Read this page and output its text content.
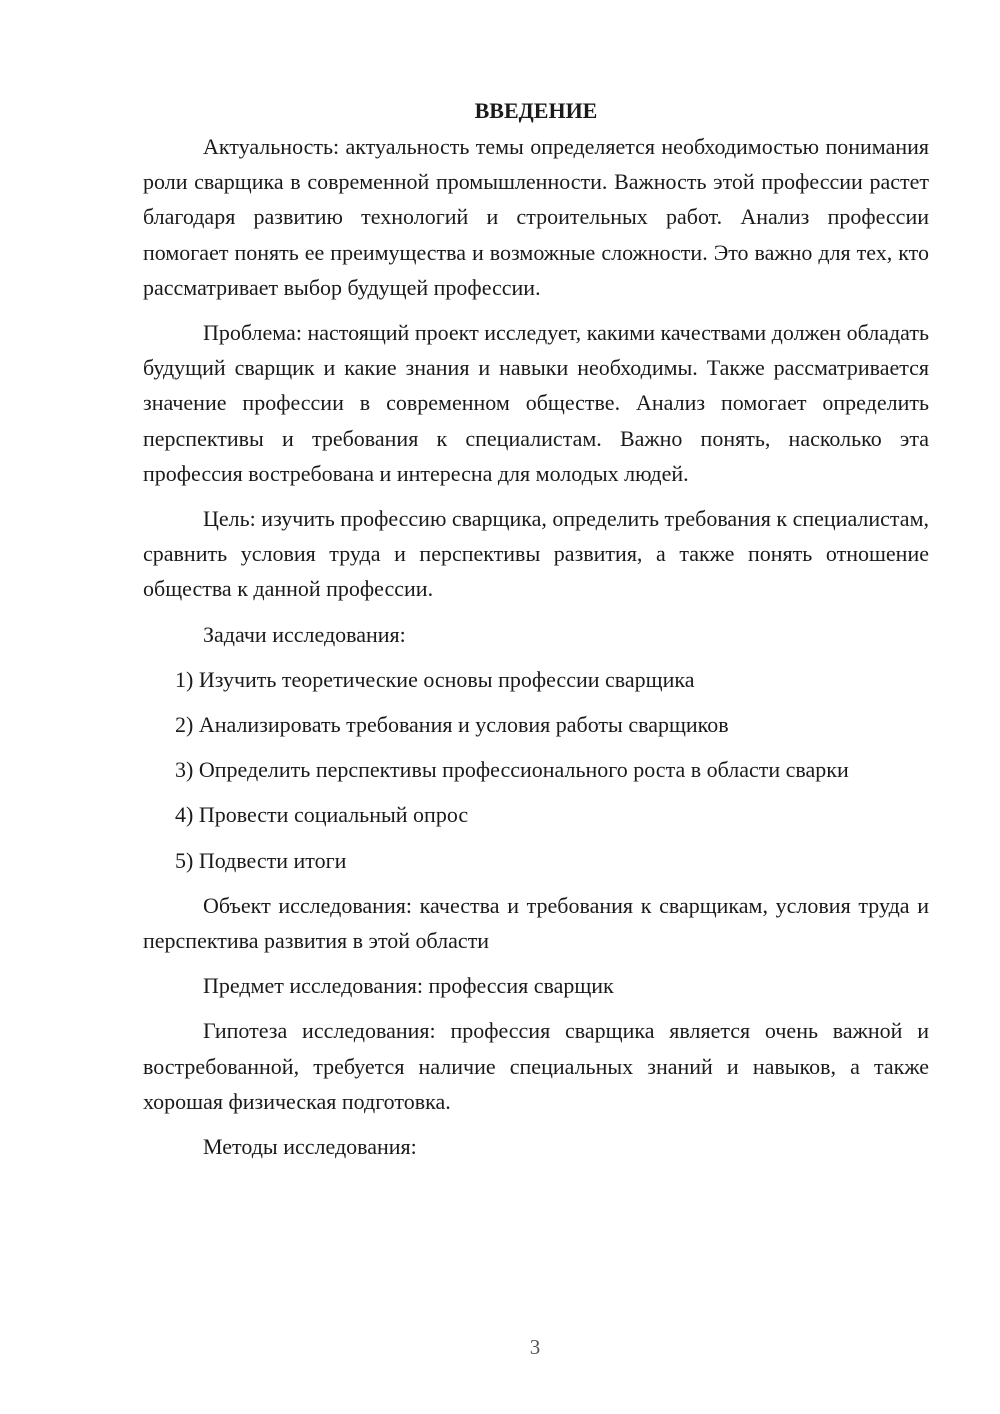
ВВЕДЕНИЕ

Актуальность: актуальность темы определяется необходимостью понимания роли сварщика в современной промышленности. Важность этой профессии растет благодаря развитию технологий и строительных работ. Анализ профессии помогает понять ее преимущества и возможные сложности. Это важно для тех, кто рассматривает выбор будущей профессии.

Проблема: настоящий проект исследует, какими качествами должен обладать будущий сварщик и какие знания и навыки необходимы. Также рассматривается значение профессии в современном обществе. Анализ помогает определить перспективы и требования к специалистам. Важно понять, насколько эта профессия востребована и интересна для молодых людей.

Цель: изучить профессию сварщика, определить требования к специалистам, сравнить условия труда и перспективы развития, а также понять отношение общества к данной профессии.

Задачи исследования:

1) Изучить теоретические основы профессии сварщика

2) Анализировать требования и условия работы сварщиков

3) Определить перспективы профессионального роста в области сварки

4) Провести социальный опрос

5) Подвести итоги

Объект исследования: качества и требования к сварщикам, условия труда и перспектива развития в этой области

Предмет исследования: профессия сварщик

Гипотеза исследования: профессия сварщика является очень важной и востребованной, требуется наличие специальных знаний и навыков, а также хорошая физическая подготовка.

Методы исследования:

3
